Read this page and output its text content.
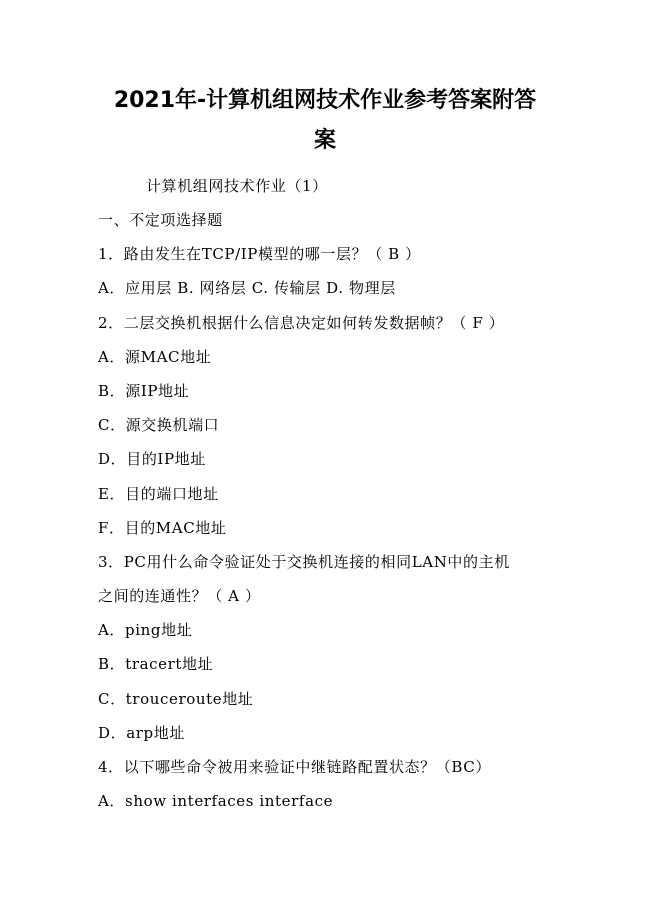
2021年-计算机组网技术作业参考答案附答
案
计算机组网技术作业（1）
一、不定项选择题
1．路由发生在TCP/IP模型的哪一层？（ B ）
A．应用层 B. 网络层 C. 传输层 D. 物理层
2．二层交换机根据什么信息决定如何转发数据帧？（ F ）
A．源MAC地址
B．源IP地址
C．源交换机端口
D．目的IP地址
E．目的端口地址
F．目的MAC地址
3．PC用什么命令验证处于交换机连接的相同LAN中的主机
之间的连通性？（ A ）
A．ping地址
B．tracert地址
C．trouceroute地址
D．arp地址
4．以下哪些命令被用来验证中继链路配置状态？（BC）
A．show interfaces interface
